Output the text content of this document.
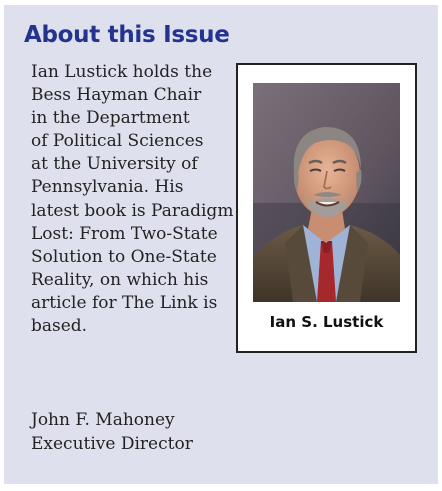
About this Issue
Ian Lustick holds the
Bess Hayman Chair
in the Department
of Political Sciences
at the University of
Pennsylvania. His
latest book is Paradigm
Lost: From Two-State
Solution to One-State
Reality, on which his
article for The Link is
based.
John F. Mahoney
Executive Director
Ian S. Lustick
